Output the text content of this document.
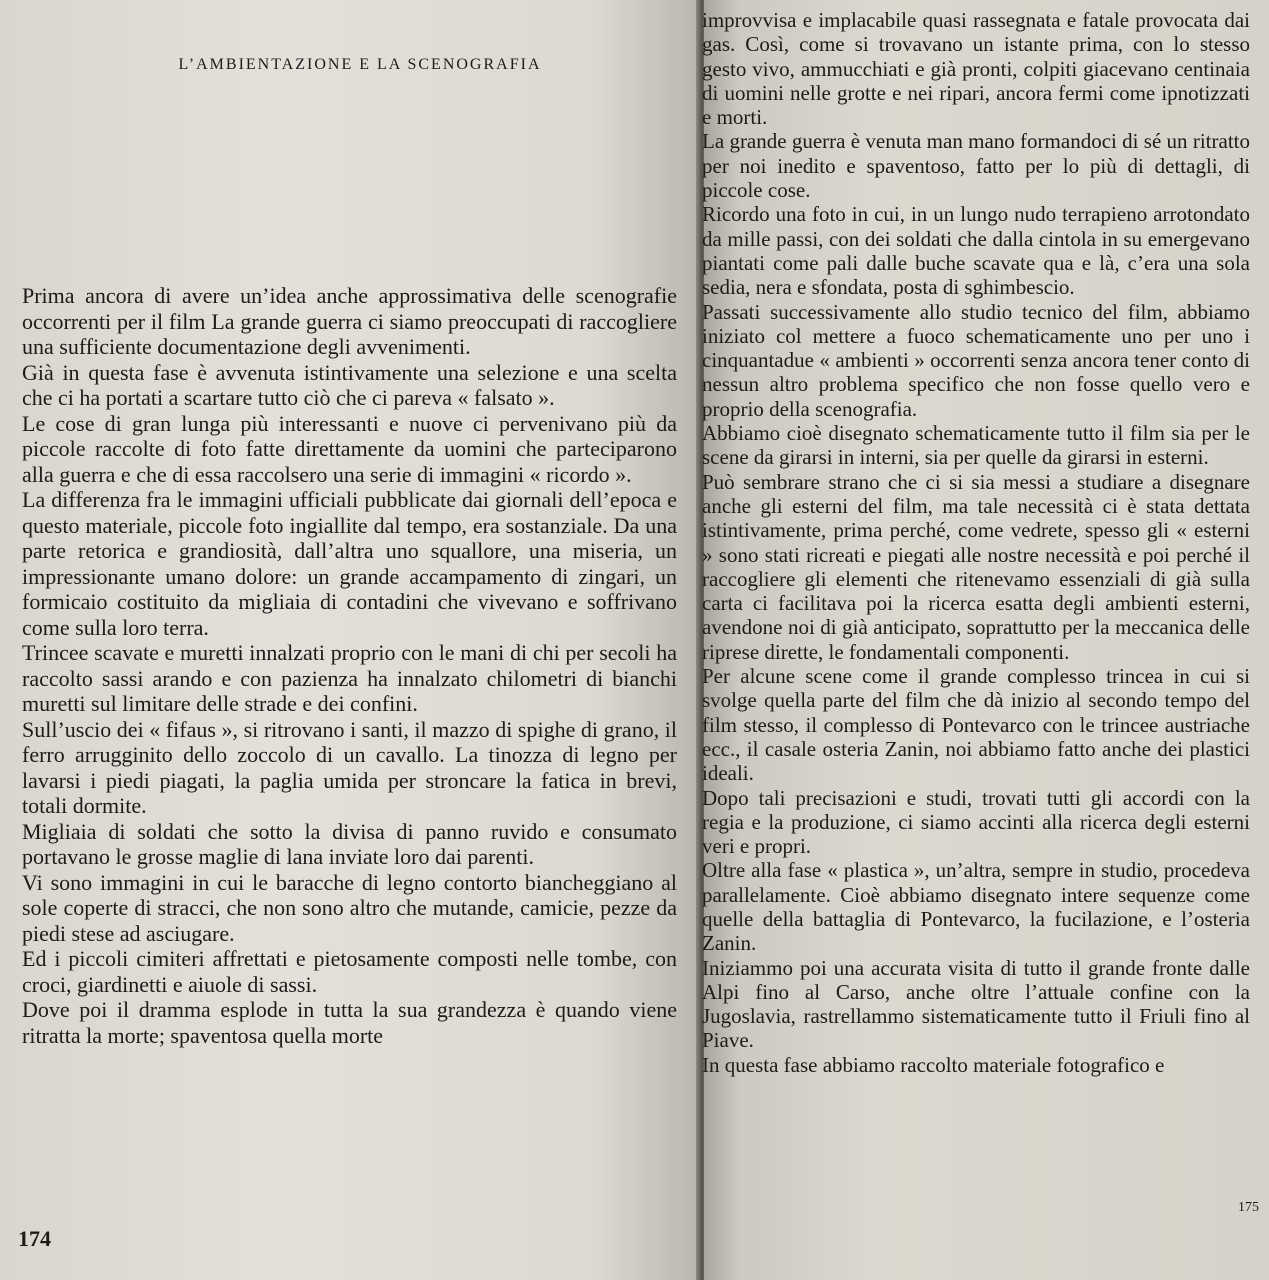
L’AMBIENTAZIONE E LA SCENOGRAFIA

Prima ancora di avere un’idea anche approssimativa delle scenografie occorrenti per il film La grande guerra ci siamo preoccupati di raccogliere una sufficiente documentazione degli avvenimenti.

Già in questa fase è avvenuta istintivamente una selezione e una scelta che ci ha portati a scartare tutto ciò che ci pareva « falsato ».

Le cose di gran lunga più interessanti e nuove ci pervenivano più da piccole raccolte di foto fatte direttamente da uomini che parteciparono alla guerra e che di essa raccolsero una serie di immagini « ricordo ».

La differenza fra le immagini ufficiali pubblicate dai giornali dell’epoca e questo materiale, piccole foto ingiallite dal tempo, era sostanziale. Da una parte retorica e grandiosità, dall’altra uno squallore, una miseria, un impressionante umano dolore: un grande accampamento di zingari, un formicaio costituito da migliaia di contadini che vivevano e soffrivano come sulla loro terra.

Trincee scavate e muretti innalzati proprio con le mani di chi per secoli ha raccolto sassi arando e con pazienza ha innalzato chilometri di bianchi muretti sul limitare delle strade e dei confini.

Sull’uscio dei « fifaus », si ritrovano i santi, il mazzo di spighe di grano, il ferro arrugginito dello zoccolo di un cavallo. La tinozza di legno per lavarsi i piedi piagati, la paglia umida per stroncare la fatica in brevi, totali dormite.

Migliaia di soldati che sotto la divisa di panno ruvido e consumato portavano le grosse maglie di lana inviate loro dai parenti.

Vi sono immagini in cui le baracche di legno contorto biancheggiano al sole coperte di stracci, che non sono altro che mutande, camicie, pezze da piedi stese ad asciugare.

Ed i piccoli cimiteri affrettati e pietosamente composti nelle tombe, con croci, giardinetti e aiuole di sassi.

Dove poi il dramma esplode in tutta la sua grandezza è quando viene ritratta la morte; spaventosa quella morte

improvvisa e implacabile quasi rassegnata e fatale provocata dai gas. Così, come si trovavano un istante prima, con lo stesso gesto vivo, ammucchiati e già pronti, colpiti giacevano centinaia di uomini nelle grotte e nei ripari, ancora fermi come ipnotizzati e morti.

La grande guerra è venuta man mano formandoci di sé un ritratto per noi inedito e spaventoso, fatto per lo più di dettagli, di piccole cose.

Ricordo una foto in cui, in un lungo nudo terrapieno arrotondato da mille passi, con dei soldati che dalla cintola in su emergevano piantati come pali dalle buche scavate qua e là, c’era una sola sedia, nera e sfondata, posta di sghimbescio.

Passati successivamente allo studio tecnico del film, abbiamo iniziato col mettere a fuoco schematicamente uno per uno i cinquantadue « ambienti » occorrenti senza ancora tener conto di nessun altro problema specifico che non fosse quello vero e proprio della scenografia.

Abbiamo cioè disegnato schematicamente tutto il film sia per le scene da girarsi in interni, sia per quelle da girarsi in esterni.

Può sembrare strano che ci si sia messi a studiare a disegnare anche gli esterni del film, ma tale necessità ci è stata dettata istintivamente, prima perché, come vedrete, spesso gli « esterni » sono stati ricreati e piegati alle nostre necessità e poi perché il raccogliere gli elementi che ritenevamo essenziali di già sulla carta ci facilitava poi la ricerca esatta degli ambienti esterni, avendone noi di già anticipato, soprattutto per la meccanica delle riprese dirette, le fondamentali componenti.

Per alcune scene come il grande complesso trincea in cui si svolge quella parte del film che dà inizio al secondo tempo del film stesso, il complesso di Pontevarco con le trincee austriache ecc., il casale osteria Zanin, noi abbiamo fatto anche dei plastici ideali.

Dopo tali precisazioni e studi, trovati tutti gli accordi con la regia e la produzione, ci siamo accinti alla ricerca degli esterni veri e propri.

Oltre alla fase « plastica », un’altra, sempre in studio, procedeva parallelamente. Cioè abbiamo disegnato intere sequenze come quelle della battaglia di Pontevarco, la fucilazione, e l’osteria Zanin.

Iniziammo poi una accurata visita di tutto il grande fronte dalle Alpi fino al Carso, anche oltre l’attuale confine con la Jugoslavia, rastrellammo sistematicamente tutto il Friuli fino al Piave.

In questa fase abbiamo raccolto materiale fotografico e

174
175
